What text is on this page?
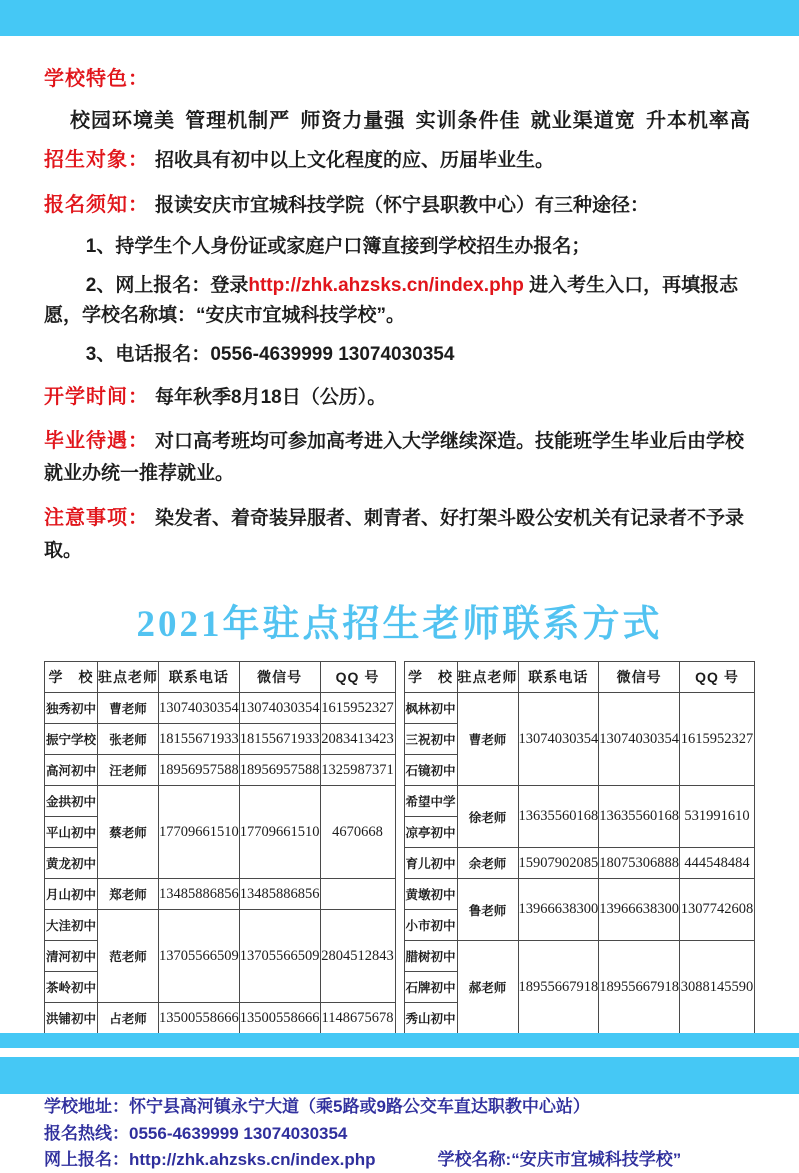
学校特色：
校园环境美 管理机制严 师资力量强 实训条件佳 就业渠道宽 升本机率高
招生对象： 招收具有初中以上文化程度的应、历届毕业生。
报名须知： 报读安庆市宜城科技学院（怀宁县职教中心）有三种途径：
1、持学生个人身份证或家庭户口簿直接到学校招生办报名；
2、网上报名：登录http://zhk.ahzsks.cn/index.php 进入考生入口，再填报志愿，学校名称填：“安庆市宜城科技学校”。
3、电话报名：0556-4639999 13074030354
开学时间： 每年秋季8月18日（公历）。
毕业待遇： 对口高考班均可参加高考进入大学继续深造。技能班学生毕业后由学校就业办统一推荐就业。
注意事项： 染发者、着奇装异服者、刺青者、好打架斗殴公安机关有记录者不予录取。
2021年驻点招生老师联系方式
学　校	驻点老师	联系电话	微信号	QQ 号
独秀初中	曹老师	13074030354	13074030354	1615952327
振宁学校	张老师	18155671933	18155671933	2083413423
高河初中	汪老师	18956957588	18956957588	1325987371
金拱初中	蔡老师	17709661510	17709661510	4670668
平山初中				
黄龙初中				
月山初中	郑老师	13485886856	13485886856	
大洼初中	范老师	13705566509	13705566509	2804512843
清河初中				
茶岭初中				
洪铺初中	占老师	13500558666	13500558666	1148675678

学　校	驻点老师	联系电话	微信号	QQ 号
枫林初中	曹老师	13074030354	13074030354	1615952327
三祝初中				
石镜初中				
希望中学	徐老师	13635560168	13635560168	531991610
凉亭初中				
育儿初中	余老师	15907902085	18075306888	444548484
黄墩初中	鲁老师	13966638300	13966638300	1307742608
小市初中				
腊树初中	郝老师	18955667918	18955667918	3088145590
石牌初中				
秀山初中				

学校地址：怀宁县高河镇永宁大道（乘5路或9路公交车直达职教中心站）
报名热线：0556-4639999 13074030354
网上报名：http://zhk.ahzsks.cn/index.php	学校名称:“安庆市宜城科技学校”
